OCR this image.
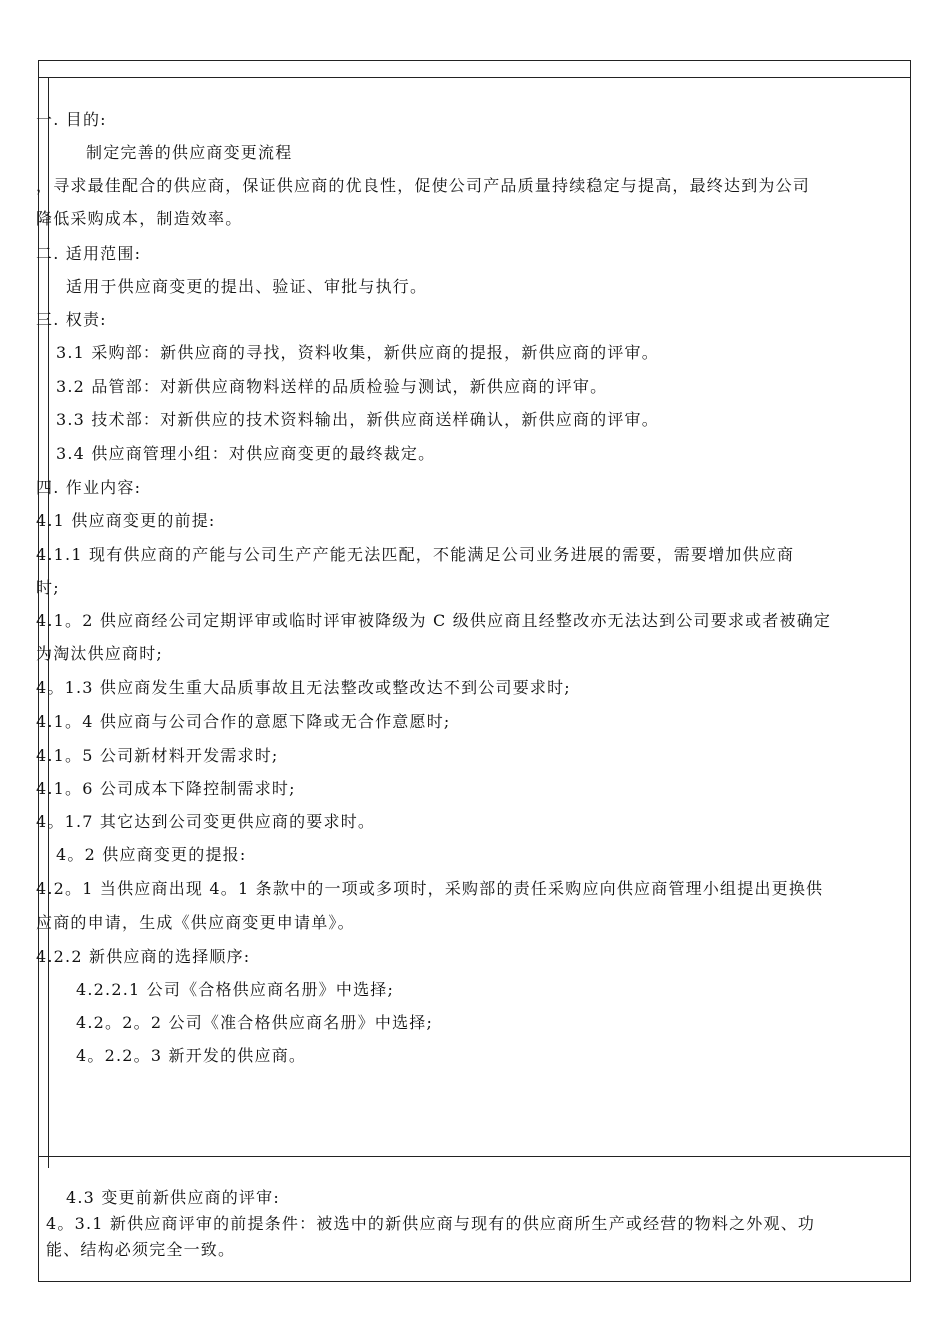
一. 目的:
制定完善的供应商变更流程
，寻求最佳配合的供应商，保证供应商的优良性，促使公司产品质量持续稳定与提高，最终达到为公司
降低采购成本，制造效率。
二. 适用范围:
适用于供应商变更的提出、验证、审批与执行。
三. 权责:
3.1 采购部：新供应商的寻找，资料收集，新供应商的提报，新供应商的评审。
3.2 品管部：对新供应商物料送样的品质检验与测试，新供应商的评审。
3.3 技术部：对新供应的技术资料输出，新供应商送样确认，新供应商的评审。
3.4 供应商管理小组：对供应商变更的最终裁定。
四. 作业内容:
4.1 供应商变更的前提:
4.1.1 现有供应商的产能与公司生产产能无法匹配，不能满足公司业务进展的需要，需要增加供应商
时;
4.1。2 供应商经公司定期评审或临时评审被降级为 C 级供应商且经整改亦无法达到公司要求或者被确定
为淘汰供应商时;
4。1.3 供应商发生重大品质事故且无法整改或整改达不到公司要求时;
4.1。4 供应商与公司合作的意愿下降或无合作意愿时;
4.1。5 公司新材料开发需求时;
4.1。6 公司成本下降控制需求时;
4。1.7 其它达到公司变更供应商的要求时。
4。2 供应商变更的提报:
4.2。1 当供应商出现 4。1 条款中的一项或多项时，采购部的责任采购应向供应商管理小组提出更换供
应商的申请，生成《供应商变更申请单》。
4.2.2 新供应商的选择顺序:
4.2.2.1 公司《合格供应商名册》中选择;
4.2。2。2 公司《准合格供应商名册》中选择;
4。2.2。3 新开发的供应商。
4.3 变更前新供应商的评审:
4。3.1 新供应商评审的前提条件：被选中的新供应商与现有的供应商所生产或经营的物料之外观、功
能、结构必须完全一致。
